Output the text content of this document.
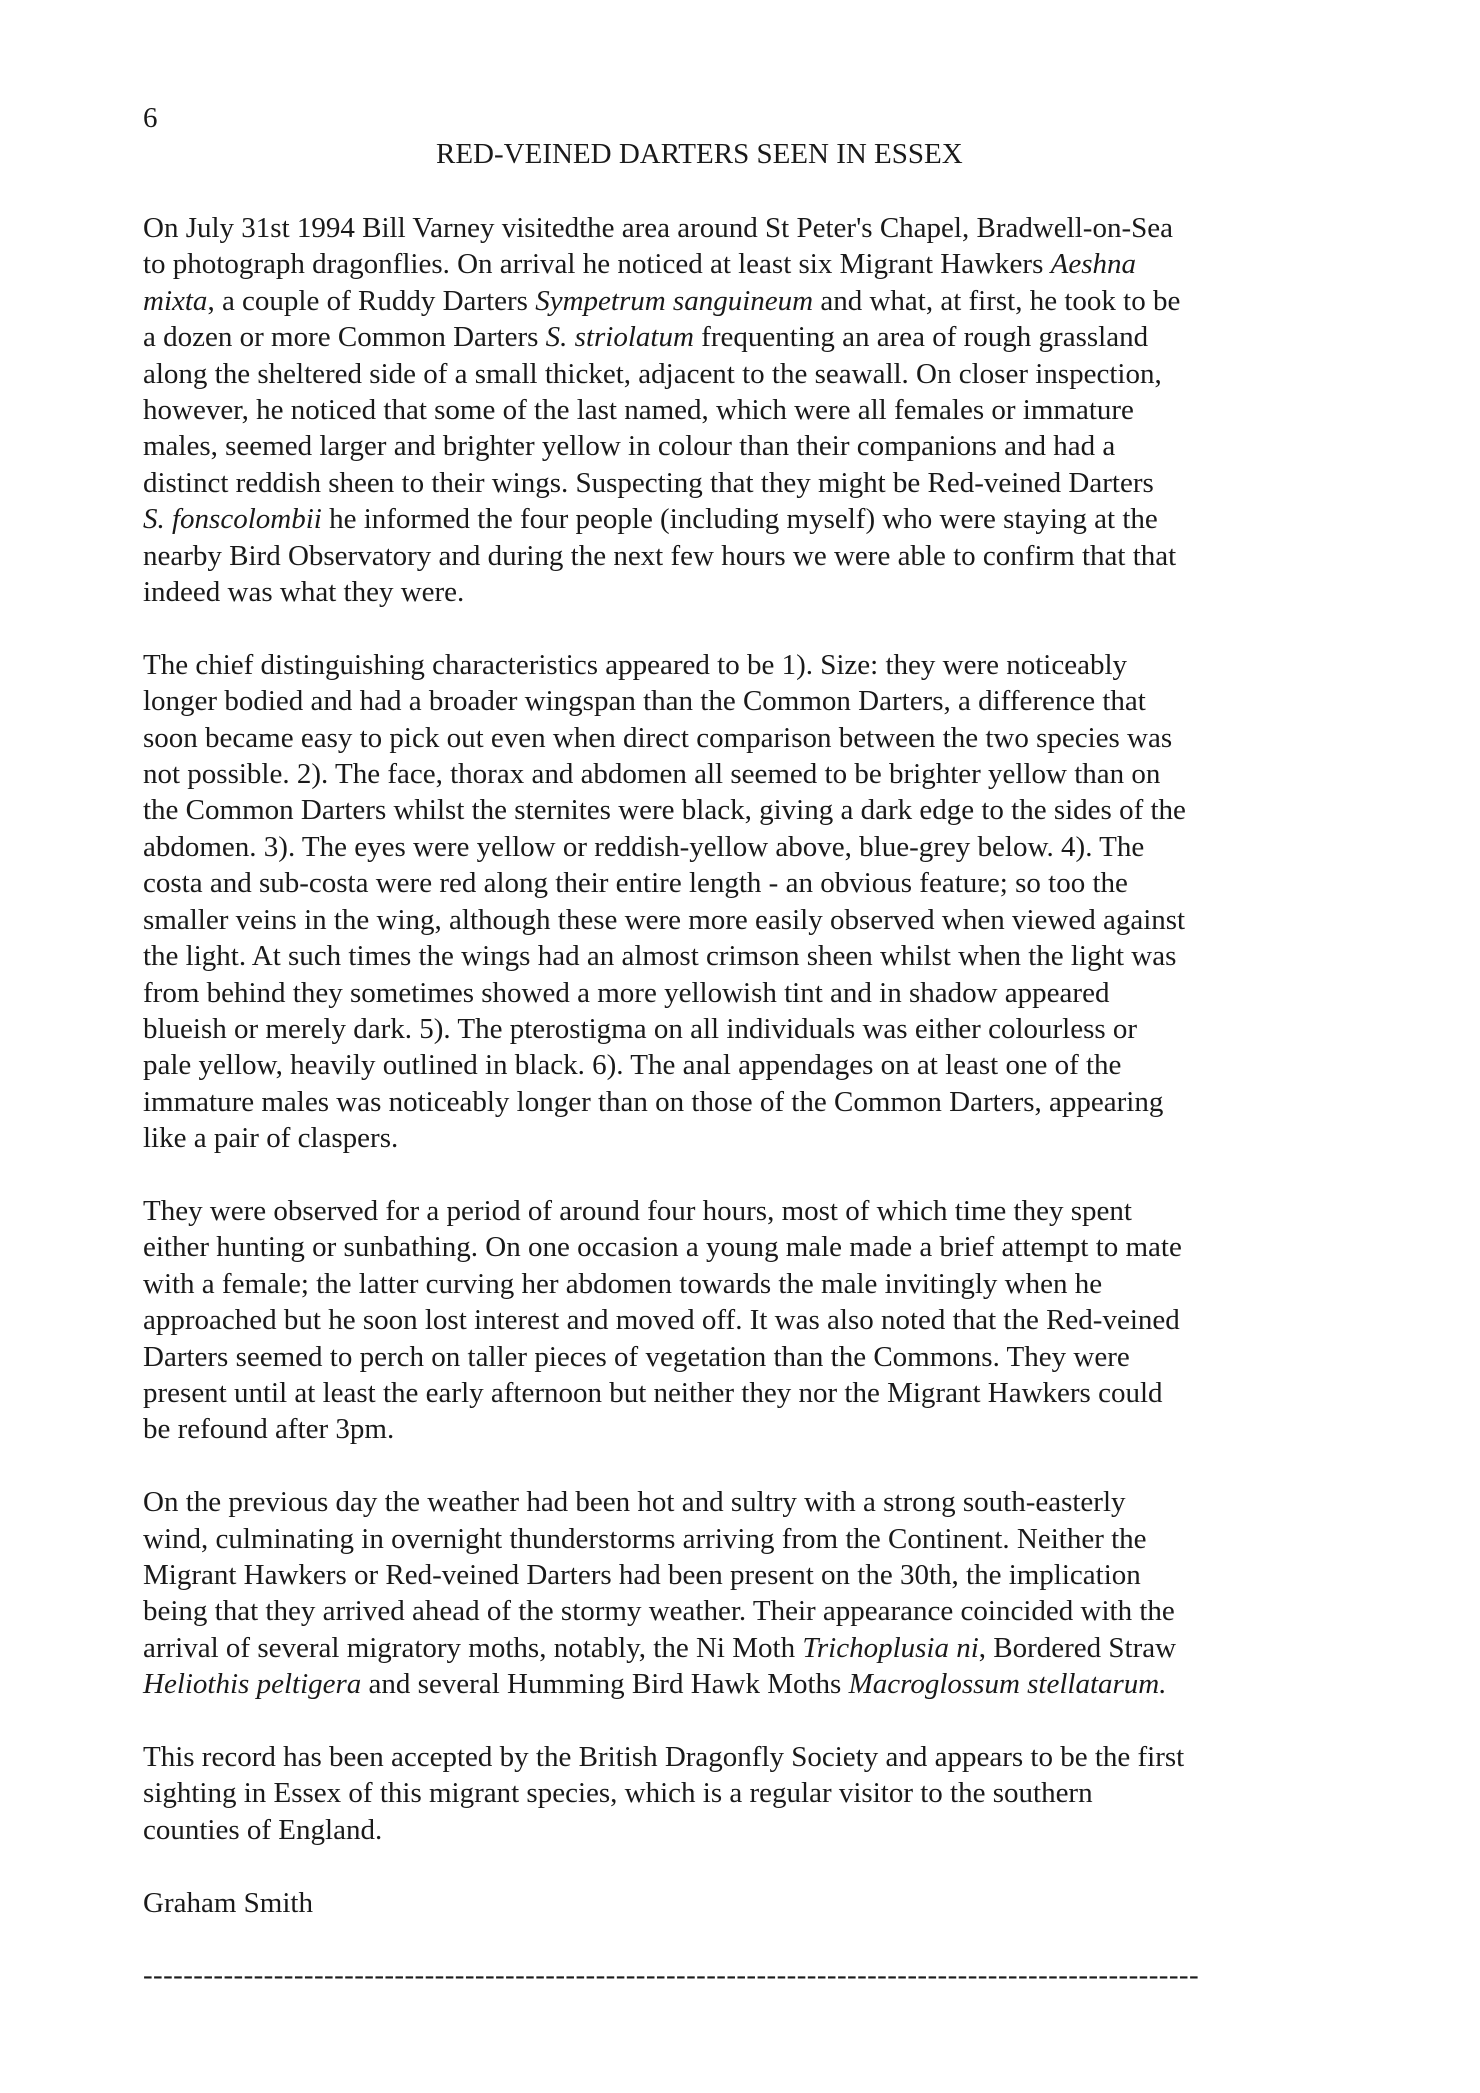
6
RED-VEINED DARTERS SEEN IN ESSEX

On July 31st 1994 Bill Varney visitedthe area around St Peter's Chapel, Bradwell-on-Sea
to photograph dragonflies. On arrival he noticed at least six Migrant Hawkers Aeshna
mixta, a couple of Ruddy Darters Sympetrum sanguineum and what, at first, he took to be
a dozen or more Common Darters S. striolatum frequenting an area of rough grassland
along the sheltered side of a small thicket, adjacent to the seawall. On closer inspection,
however, he noticed that some of the last named, which were all females or immature
males, seemed larger and brighter yellow in colour than their companions and had a
distinct reddish sheen to their wings. Suspecting that they might be Red-veined Darters
S. fonscolombii he informed the four people (including myself) who were staying at the
nearby Bird Observatory and during the next few hours we were able to confirm that that
indeed was what they were.

The chief distinguishing characteristics appeared to be 1). Size: they were noticeably
longer bodied and had a broader wingspan than the Common Darters, a difference that
soon became easy to pick out even when direct comparison between the two species was
not possible. 2). The face, thorax and abdomen all seemed to be brighter yellow than on
the Common Darters whilst the sternites were black, giving a dark edge to the sides of the
abdomen. 3). The eyes were yellow or reddish-yellow above, blue-grey below. 4). The
costa and sub-costa were red along their entire length - an obvious feature; so too the
smaller veins in the wing, although these were more easily observed when viewed against
the light. At such times the wings had an almost crimson sheen whilst when the light was
from behind they sometimes showed a more yellowish tint and in shadow appeared
blueish or merely dark. 5). The pterostigma on all individuals was either colourless or
pale yellow, heavily outlined in black. 6). The anal appendages on at least one of the
immature males was noticeably longer than on those of the Common Darters, appearing
like a pair of claspers.

They were observed for a period of around four hours, most of which time they spent
either hunting or sunbathing. On one occasion a young male made a brief attempt to mate
with a female; the latter curving her abdomen towards the male invitingly when he
approached but he soon lost interest and moved off. It was also noted that the Red-veined
Darters seemed to perch on taller pieces of vegetation than the Commons. They were
present until at least the early afternoon but neither they nor the Migrant Hawkers could
be refound after 3pm.

On the previous day the weather had been hot and sultry with a strong south-easterly
wind, culminating in overnight thunderstorms arriving from the Continent. Neither the
Migrant Hawkers or Red-veined Darters had been present on the 30th, the implication
being that they arrived ahead of the stormy weather. Their appearance coincided with the
arrival of several migratory moths, notably, the Ni Moth Trichoplusia ni, Bordered Straw
Heliothis peltigera and several Humming Bird Hawk Moths Macroglossum stellatarum.

This record has been accepted by the British Dragonfly Society and appears to be the first
sighting in Essex of this migrant species, which is a regular visitor to the southern
counties of England.

Graham Smith
---------------------------------------------------------------------------------------------------------
